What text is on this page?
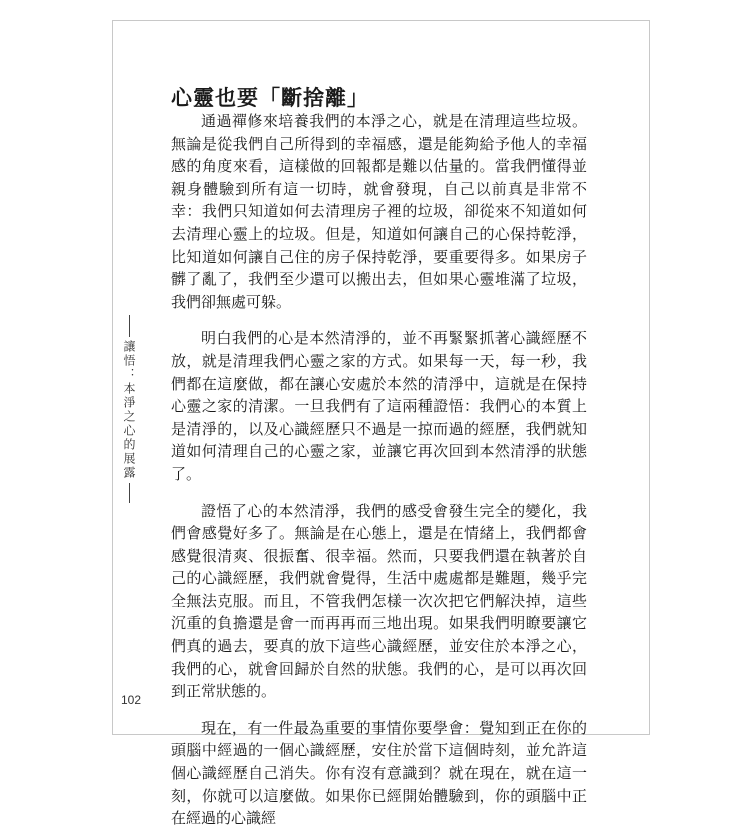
心靈也要「斷捨離」

通過禪修來培養我們的本淨之心，就是在清理這些垃圾。無論是從我們自己所得到的幸福感，還是能夠給予他人的幸福感的角度來看，這樣做的回報都是難以估量的。當我們懂得並親身體驗到所有這一切時，就會發現，自己以前真是非常不幸：我們只知道如何去清理房子裡的垃圾，卻從來不知道如何去清理心靈上的垃圾。但是，知道如何讓自己的心保持乾淨，比知道如何讓自己住的房子保持乾淨，要重要得多。如果房子髒了亂了，我們至少還可以搬出去，但如果心靈堆滿了垃圾，我們卻無處可躲。

明白我們的心是本然清淨的，並不再緊緊抓著心識經歷不放，就是清理我們心靈之家的方式。如果每一天，每一秒，我們都在這麼做，都在讓心安處於本然的清淨中，這就是在保持心靈之家的清潔。一旦我們有了這兩種證悟：我們心的本質上是清淨的，以及心識經歷只不過是一掠而過的經歷，我們就知道如何清理自己的心靈之家，並讓它再次回到本然清淨的狀態了。

證悟了心的本然清淨，我們的感受會發生完全的變化，我們會感覺好多了。無論是在心態上，還是在情緒上，我們都會感覺很清爽、很振奮、很幸福。然而，只要我們還在執著於自己的心識經歷，我們就會覺得，生活中處處都是難題，幾乎完全無法克服。而且，不管我們怎樣一次次把它們解決掉，這些沉重的負擔還是會一而再再而三地出現。如果我們明瞭要讓它們真的過去，要真的放下這些心識經歷，並安住於本淨之心，我們的心，就會回歸於自然的狀態。我們的心，是可以再次回到正常狀態的。

現在，有一件最為重要的事情你要學會：覺知到正在你的頭腦中經過的一個心識經歷，安住於當下這個時刻，並允許這個心識經歷自己消失。你有沒有意識到？就在現在，就在這一刻，你就可以這麼做。如果你已經開始體驗到，你的頭腦中正在經過的心識經

讓悟：本淨之心的展露
102
